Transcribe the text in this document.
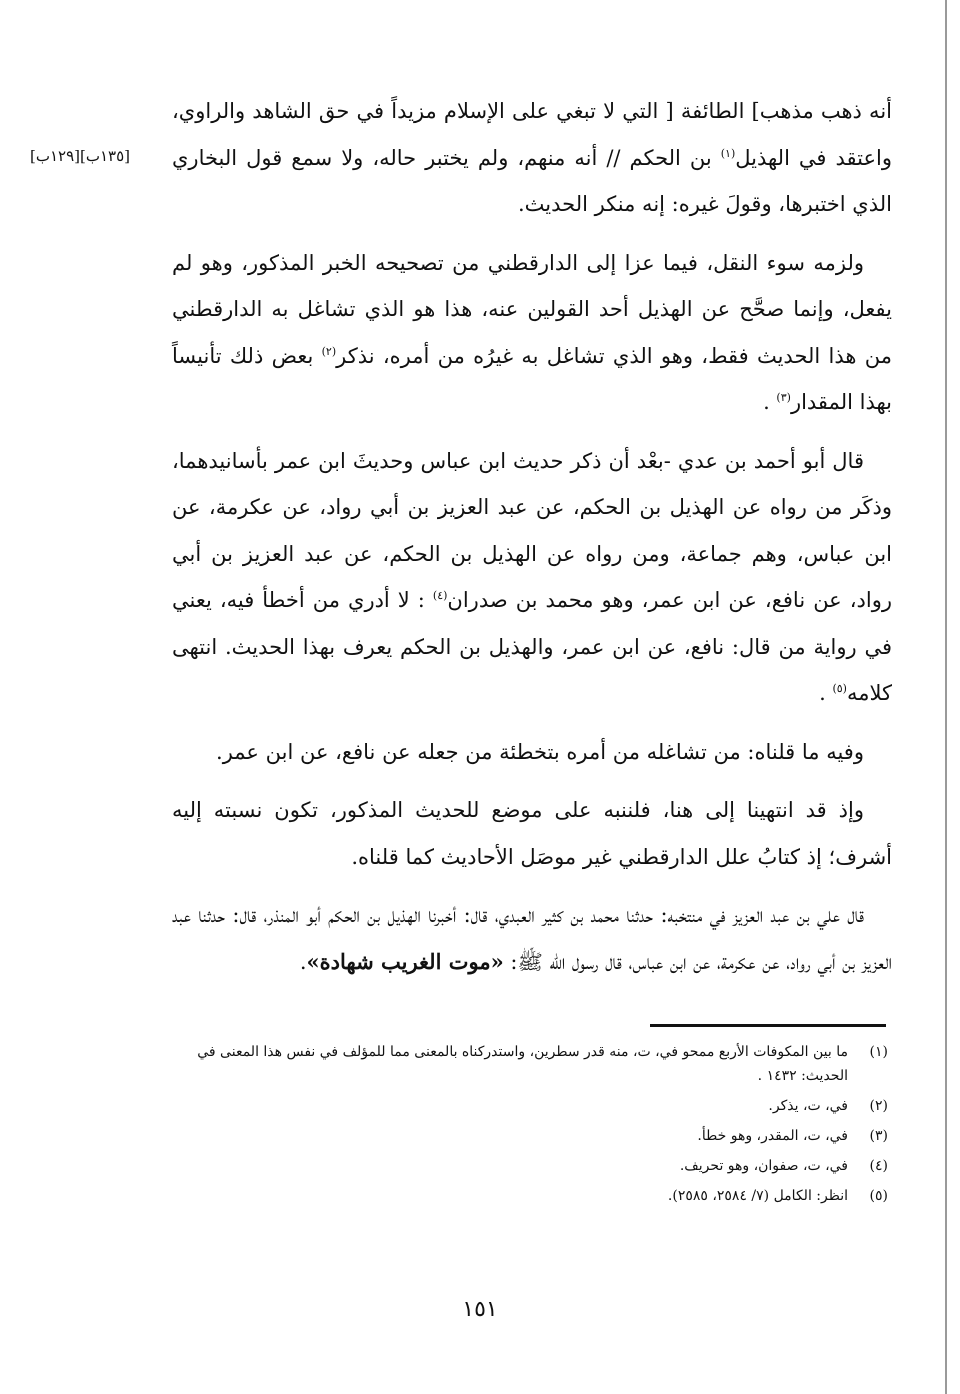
[١٣٥ب][١٢٩ب]

أنه ذهب مذهب] الطائفة [ التي لا تبغي على الإسلام مزيداً في حق الشاهد والراوي، واعتقد في الهذيل$^{(١)}$ بن الحكم // أنه منهم، ولم يختبر حاله، ولا سمع قول البخاري الذي اختبرها، وقولَ غيره: إنه منكر الحديث.

ولزمه سوء النقل، فيما عزا إلى الدارقطني من تصحيحه الخبر المذكور، وهو لم يفعل، وإنما صحَّح عن الهذيل أحد القولين عنه، هذا هو الذي تشاغل به الدارقطني من هذا الحديث فقط، وهو الذي تشاغل به غيرُه من أمره، نذكر$^{(٢)}$ بعض ذلك تأنيساً بهذا المقدار$^{(٣)}$ .

قال أبو أحمد بن عدي -بعْد أن ذكر حديث ابن عباس وحديثَ ابن عمر بأسانيدهما، وذكَر من رواه عن الهذيل بن الحكم، عن عبد العزيز بن أبي رواد، عن عكرمة، عن ابن عباس، وهم جماعة، ومن رواه عن الهذيل بن الحكم، عن عبد العزيز بن أبي رواد، عن نافع، عن ابن عمر، وهو محمد بن صدران$^{(٤)}$ : لا أدري من أخطأ فيه، يعني في رواية من قال: نافع، عن ابن عمر، والهذيل بن الحكم يعرف بهذا الحديث. انتهى كلامه$^{(٥)}$ .

وفيه ما قلناه: من تشاغله من أمره بتخطئة من جعله عن نافع، عن ابن عمر.

وإذ قد انتهينا إلى هنا، فلننبه على موضع للحديث المذكور، تكون نسبته إليه أشرف؛ إذ كتابُ علل الدارقطني غير موصَل الأحاديث كما قلناه.

قال علي بن عبد العزيز في منتخبه: حدثنا محمد بن كثير العبدي، قال: أخبرنا الهذيل بن الحكم أبو المنذر، قال: حدثنا عبد العزيز بن أبي رواد، عن عكرمة، عن ابن عباس، قال رسول الله ﷺ: «موت الغريب شهادة».

(١)
ما بين المكوفات الأربع ممحو في، ت، منه قدر سطرين، واستدركناه بالمعنى مما للمؤلف في نفس هذا المعنى في الحديث: ١٤٣٢ .
(٢)
في، ت، يذكر.
(٣)
في، ت، المقدر، وهو خطأ.
(٤)
في، ت، صفوان، وهو تحريف.
(٥)
انظر: الكامل (٧/ ٢٥٨٤، ٢٥٨٥).
١٥١
